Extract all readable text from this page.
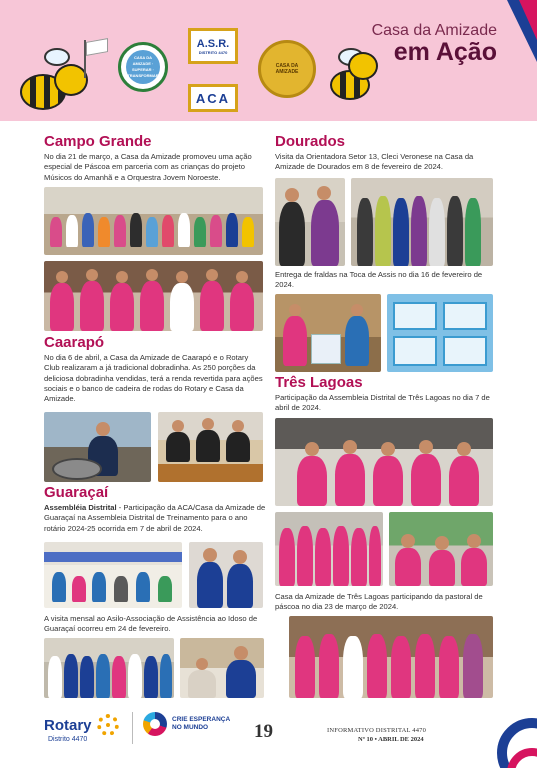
CASA DA AMIZADE · SUPERAR · TRANSFORMAR
A.S.R.
DISTRITO 4470
ACA
CASA DA AMIZADE
Casa da Amizade
em Ação
Campo Grande
No dia 21 de março, a Casa da Amizade promoveu uma ação especial de Páscoa em parceria com as crianças do projeto Músicos do Amanhã e a Orquestra Jovem Noroeste.
Caarapó
No dia 6 de abril, a Casa da Amizade de Caarapó e o Rotary Club realizaram a já tradicional dobradinha. As 250 porções da deliciosa dobradinha vendidas, terá a renda revertida para ações sociais e o banco de cadeira de rodas do Rotary e Casa da Amizade.
Guaraçaí
Assembléia Distrital - Participação da ACA/Casa da Amizade de Guaraçaí na Assembleia Distrital de Treinamento para o ano rotário 2024-25 ocorrida em 7 de abril de 2024.
A visita mensal ao Asilo-Associação de Assistência ao Idoso de Guaraçaí ocorreu em 24 de fevereiro.
Dourados
Visita da Orientadora Setor 13, Cleci Veronese na Casa da Amizade de Dourados em 8 de fevereiro de 2024.
Entrega de fraldas na Toca de Assis no dia 16 de fevereiro de 2024.
Três Lagoas
Participação da Assembleia Distrital de Três Lagoas no dia 7 de abril de 2024.
Casa da Amizade de Três Lagoas participando da pastoral de páscoa no dia 23 de março de 2024.
Rotary
Distrito 4470
CRIE ESPERANÇA
NO MUNDO	19	INFORMATIVO DISTRITAL 4470
Nº 10 • ABRIL DE 2024
